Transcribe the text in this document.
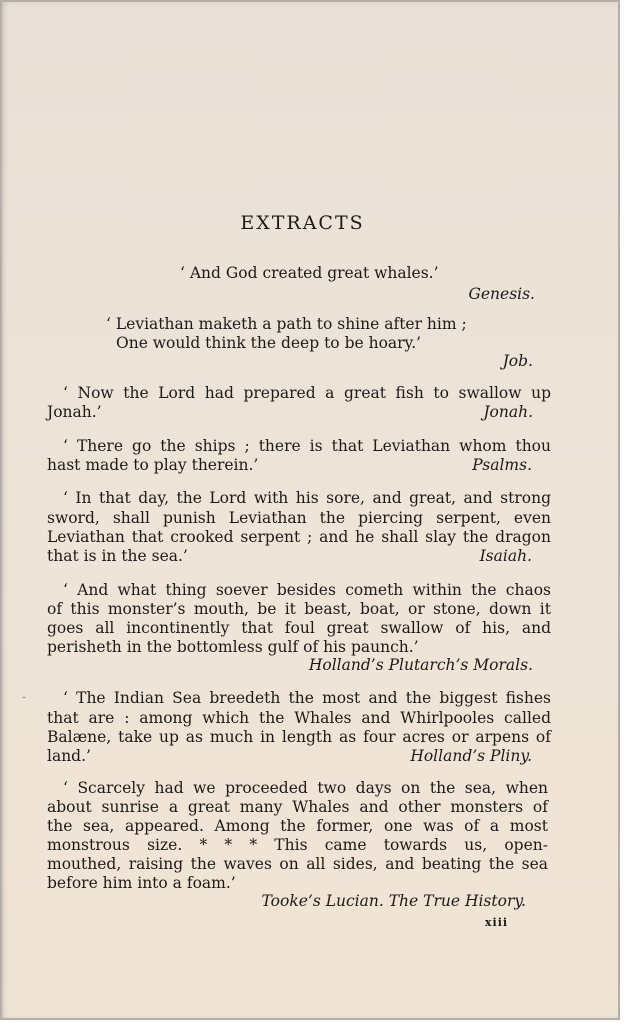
EXTRACTS
‘ And God created great whales.’
Genesis.
‘ Leviathan maketh a path to shine after him ;
One would think the deep to be hoary.’
Job.
‘ Now the Lord had prepared a great fish to swallow up
Jonah.’	Jonah.
‘ There go the ships ; there is that Leviathan whom thou
hast made to play therein.’	Psalms.
‘ In that day, the Lord with his sore, and great, and strong
sword, shall punish Leviathan the piercing serpent, even
Leviathan that crooked serpent ; and he shall slay the dragon
that is in the sea.’	Isaiah.
‘ And what thing soever besides cometh within the chaos
of this monster’s mouth, be it beast, boat, or stone, down it
goes all incontinently that foul great swallow of his, and
perisheth in the bottomless gulf of his paunch.’
Holland’s Plutarch’s Morals.
- ‘ The Indian Sea breedeth the most and the biggest fishes
that are : among which the Whales and Whirlpooles called
Balæne, take up as much in length as four acres or arpens of
land.’	Holland’s Pliny.
‘ Scarcely had we proceeded two days on the sea, when
about sunrise a great many Whales and other monsters of
the sea, appeared. Among the former, one was of a most
monstrous size. * * * This came towards us, open-
mouthed, raising the waves on all sides, and beating the sea
before him into a foam.’
Tooke’s Lucian. The True History.
xiii
